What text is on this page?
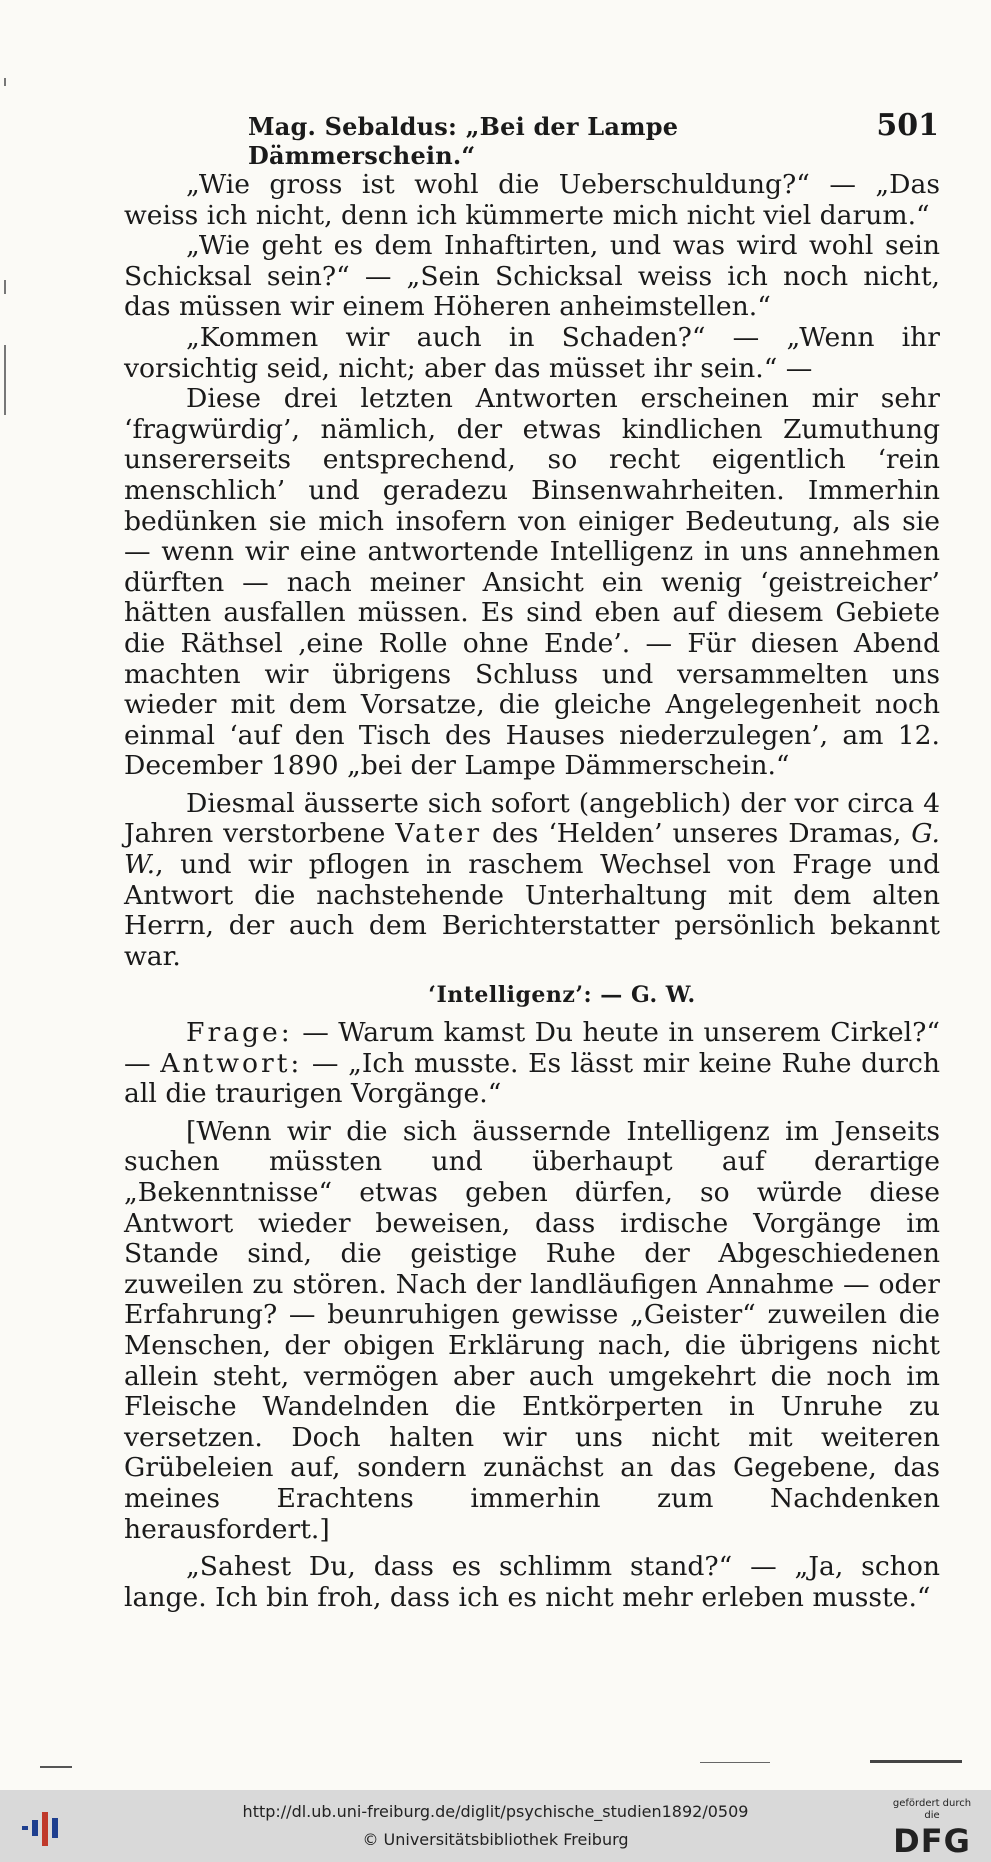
Mag. Sebaldus: „Bei der Lampe Dämmerschein.“
501

„Wie gross ist wohl die Ueberschuldung?“ — „Das weiss ich nicht, denn ich kümmerte mich nicht viel darum.“

„Wie geht es dem Inhaftirten, und was wird wohl sein Schicksal sein?“ — „Sein Schicksal weiss ich noch nicht, das müssen wir einem Höheren anheimstellen.“

„Kommen wir auch in Schaden?“ — „Wenn ihr vorsichtig seid, nicht; aber das müsset ihr sein.“ —

Diese drei letzten Antworten erscheinen mir sehr ‘fragwürdig’, nämlich, der etwas kindlichen Zumuthung unsererseits entsprechend, so recht eigentlich ‘rein menschlich’ und geradezu Binsenwahrheiten. Immerhin bedünken sie mich insofern von einiger Bedeutung, als sie — wenn wir eine antwortende Intelligenz in uns annehmen dürften — nach meiner Ansicht ein wenig ‘geistreicher’ hätten ausfallen müssen. Es sind eben auf diesem Gebiete die Räthsel ‚eine Rolle ohne Ende’. — Für diesen Abend machten wir übrigens Schluss und versammelten uns wieder mit dem Vorsatze, die gleiche Angelegenheit noch einmal ‘auf den Tisch des Hauses niederzulegen’, am 12. December 1890 „bei der Lampe Dämmerschein.“

Diesmal äusserte sich sofort (angeblich) der vor circa 4 Jahren verstorbene Vater des ‘Helden’ unseres Dramas, G. W., und wir pflogen in raschem Wechsel von Frage und Antwort die nachstehende Unterhaltung mit dem alten Herrn, der auch dem Berichterstatter persönlich bekannt war.

‘Intelligenz’: — G. W.

Frage: — Warum kamst Du heute in unserem Cirkel?“ — Antwort: — „Ich musste. Es lässt mir keine Ruhe durch all die traurigen Vorgänge.“

[Wenn wir die sich äussernde Intelligenz im Jenseits suchen müssten und überhaupt auf derartige „Bekenntnisse“ etwas geben dürfen, so würde diese Antwort wieder beweisen, dass irdische Vorgänge im Stande sind, die geistige Ruhe der Abgeschiedenen zuweilen zu stören. Nach der landläufigen Annahme — oder Erfahrung? — beunruhigen gewisse „Geister“ zuweilen die Menschen, der obigen Erklärung nach, die übrigens nicht allein steht, vermögen aber auch umgekehrt die noch im Fleische Wandelnden die Entkörperten in Unruhe zu versetzen. Doch halten wir uns nicht mit weiteren Grübeleien auf, sondern zunächst an das Gegebene, das meines Erachtens immerhin zum Nachdenken herausfordert.]

„Sahest Du, dass es schlimm stand?“ — „Ja, schon lange. Ich bin froh, dass ich es nicht mehr erleben musste.“

http://dl.ub.uni-freiburg.de/diglit/psychische_studien1892/0509
© Universitätsbibliothek Freiburg
gefördert durch die
DFG
